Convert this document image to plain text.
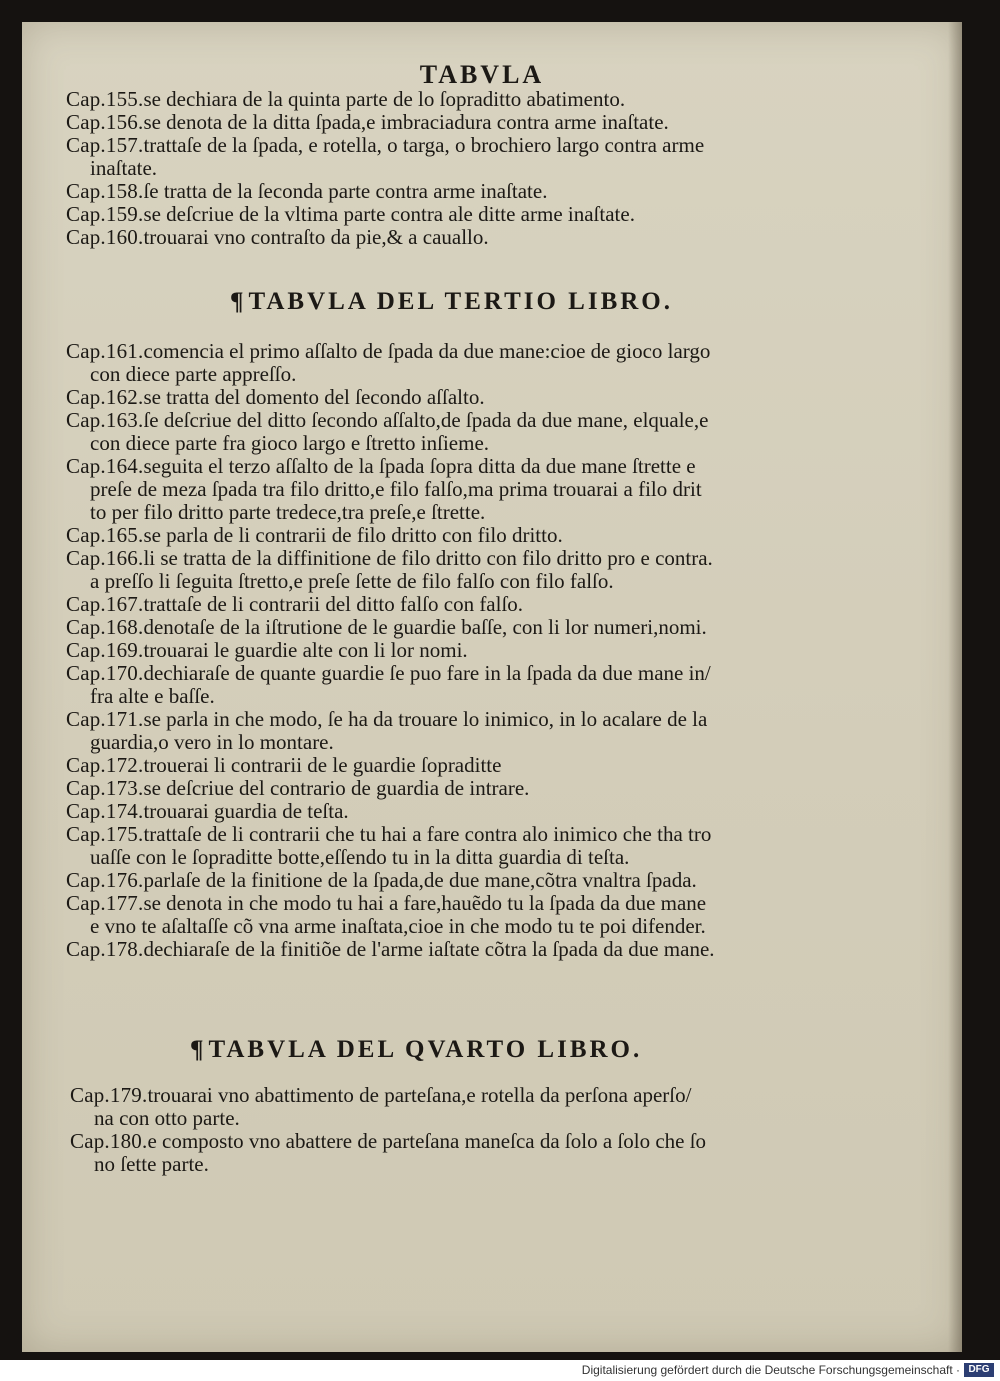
TABVLA
Cap.155.se dechiara de la quinta parte de lo ſopraditto abatimento.
Cap.156.se denota de la ditta ſpada,e imbraciadura contra arme inaſtate.
Cap.157.trattaſe de la ſpada, e rotella, o targa, o brochiero largo contra arme
inaſtate.
Cap.158.ſe tratta de la ſeconda parte contra arme inaſtate.
Cap.159.se deſcriue de la vltima parte contra ale ditte arme inaſtate.
Cap.160.trouarai vno contraſto da pie,& a cauallo.
¶TABVLA DEL TERTIO LIBRO.
Cap.161.comencia el primo aſſalto de ſpada da due mane:cioe de gioco largo
con diece parte appreſſo.
Cap.162.se tratta del domento del ſecondo aſſalto.
Cap.163.ſe deſcriue del ditto ſecondo aſſalto,de ſpada da due mane, elquale,e
con diece parte fra gioco largo e ſtretto inſieme.
Cap.164.seguita el terzo aſſalto de la ſpada ſopra ditta da due mane ſtrette e
preſe de meza ſpada tra filo dritto,e filo falſo,ma prima trouarai a filo drit
to per filo dritto parte tredece,tra preſe,e ſtrette.
Cap.165.se parla de li contrarii de filo dritto con filo dritto.
Cap.166.li se tratta de la diffinitione de filo dritto con filo dritto pro e contra.
a preſſo li ſeguita ſtretto,e preſe ſette de filo falſo con filo falſo.
Cap.167.trattaſe de li contrarii del ditto falſo con falſo.
Cap.168.denotaſe de la iſtrutione de le guardie baſſe, con li lor numeri,nomi.
Cap.169.trouarai le guardie alte con li lor nomi.
Cap.170.dechiaraſe de quante guardie ſe puo fare in la ſpada da due mane in/
fra alte e baſſe.
Cap.171.se parla in che modo, ſe ha da trouare lo inimico, in lo acalare de la
guardia,o vero in lo montare.
Cap.172.trouerai li contrarii de le guardie ſopraditte
Cap.173.se deſcriue del contrario de guardia de intrare.
Cap.174.trouarai guardia de teſta.
Cap.175.trattaſe de li contrarii che tu hai a fare contra alo inimico che tha tro
uaſſe con le ſopraditte botte,eſſendo tu in la ditta guardia di teſta.
Cap.176.parlaſe de la finitione de la ſpada,de due mane,cõtra vnaltra ſpada.
Cap.177.se denota in che modo tu hai a fare,hauẽdo tu la ſpada da due mane
e vno te aſaltaſſe cõ vna arme inaſtata,cioe in che modo tu te poi difender.
Cap.178.dechiaraſe de la finitiõe de l'arme iaſtate cõtra la ſpada da due mane.
¶TABVLA DEL QVARTO LIBRO.
Cap.179.trouarai vno abattimento de parteſana,e rotella da perſona aperſo/
na con otto parte.
Cap.180.e composto vno abattere de parteſana maneſca da ſolo a ſolo che ſo
no ſette parte.
Digitalisierung gefördert durch die Deutsche Forschungsgemeinschaft · DFG
